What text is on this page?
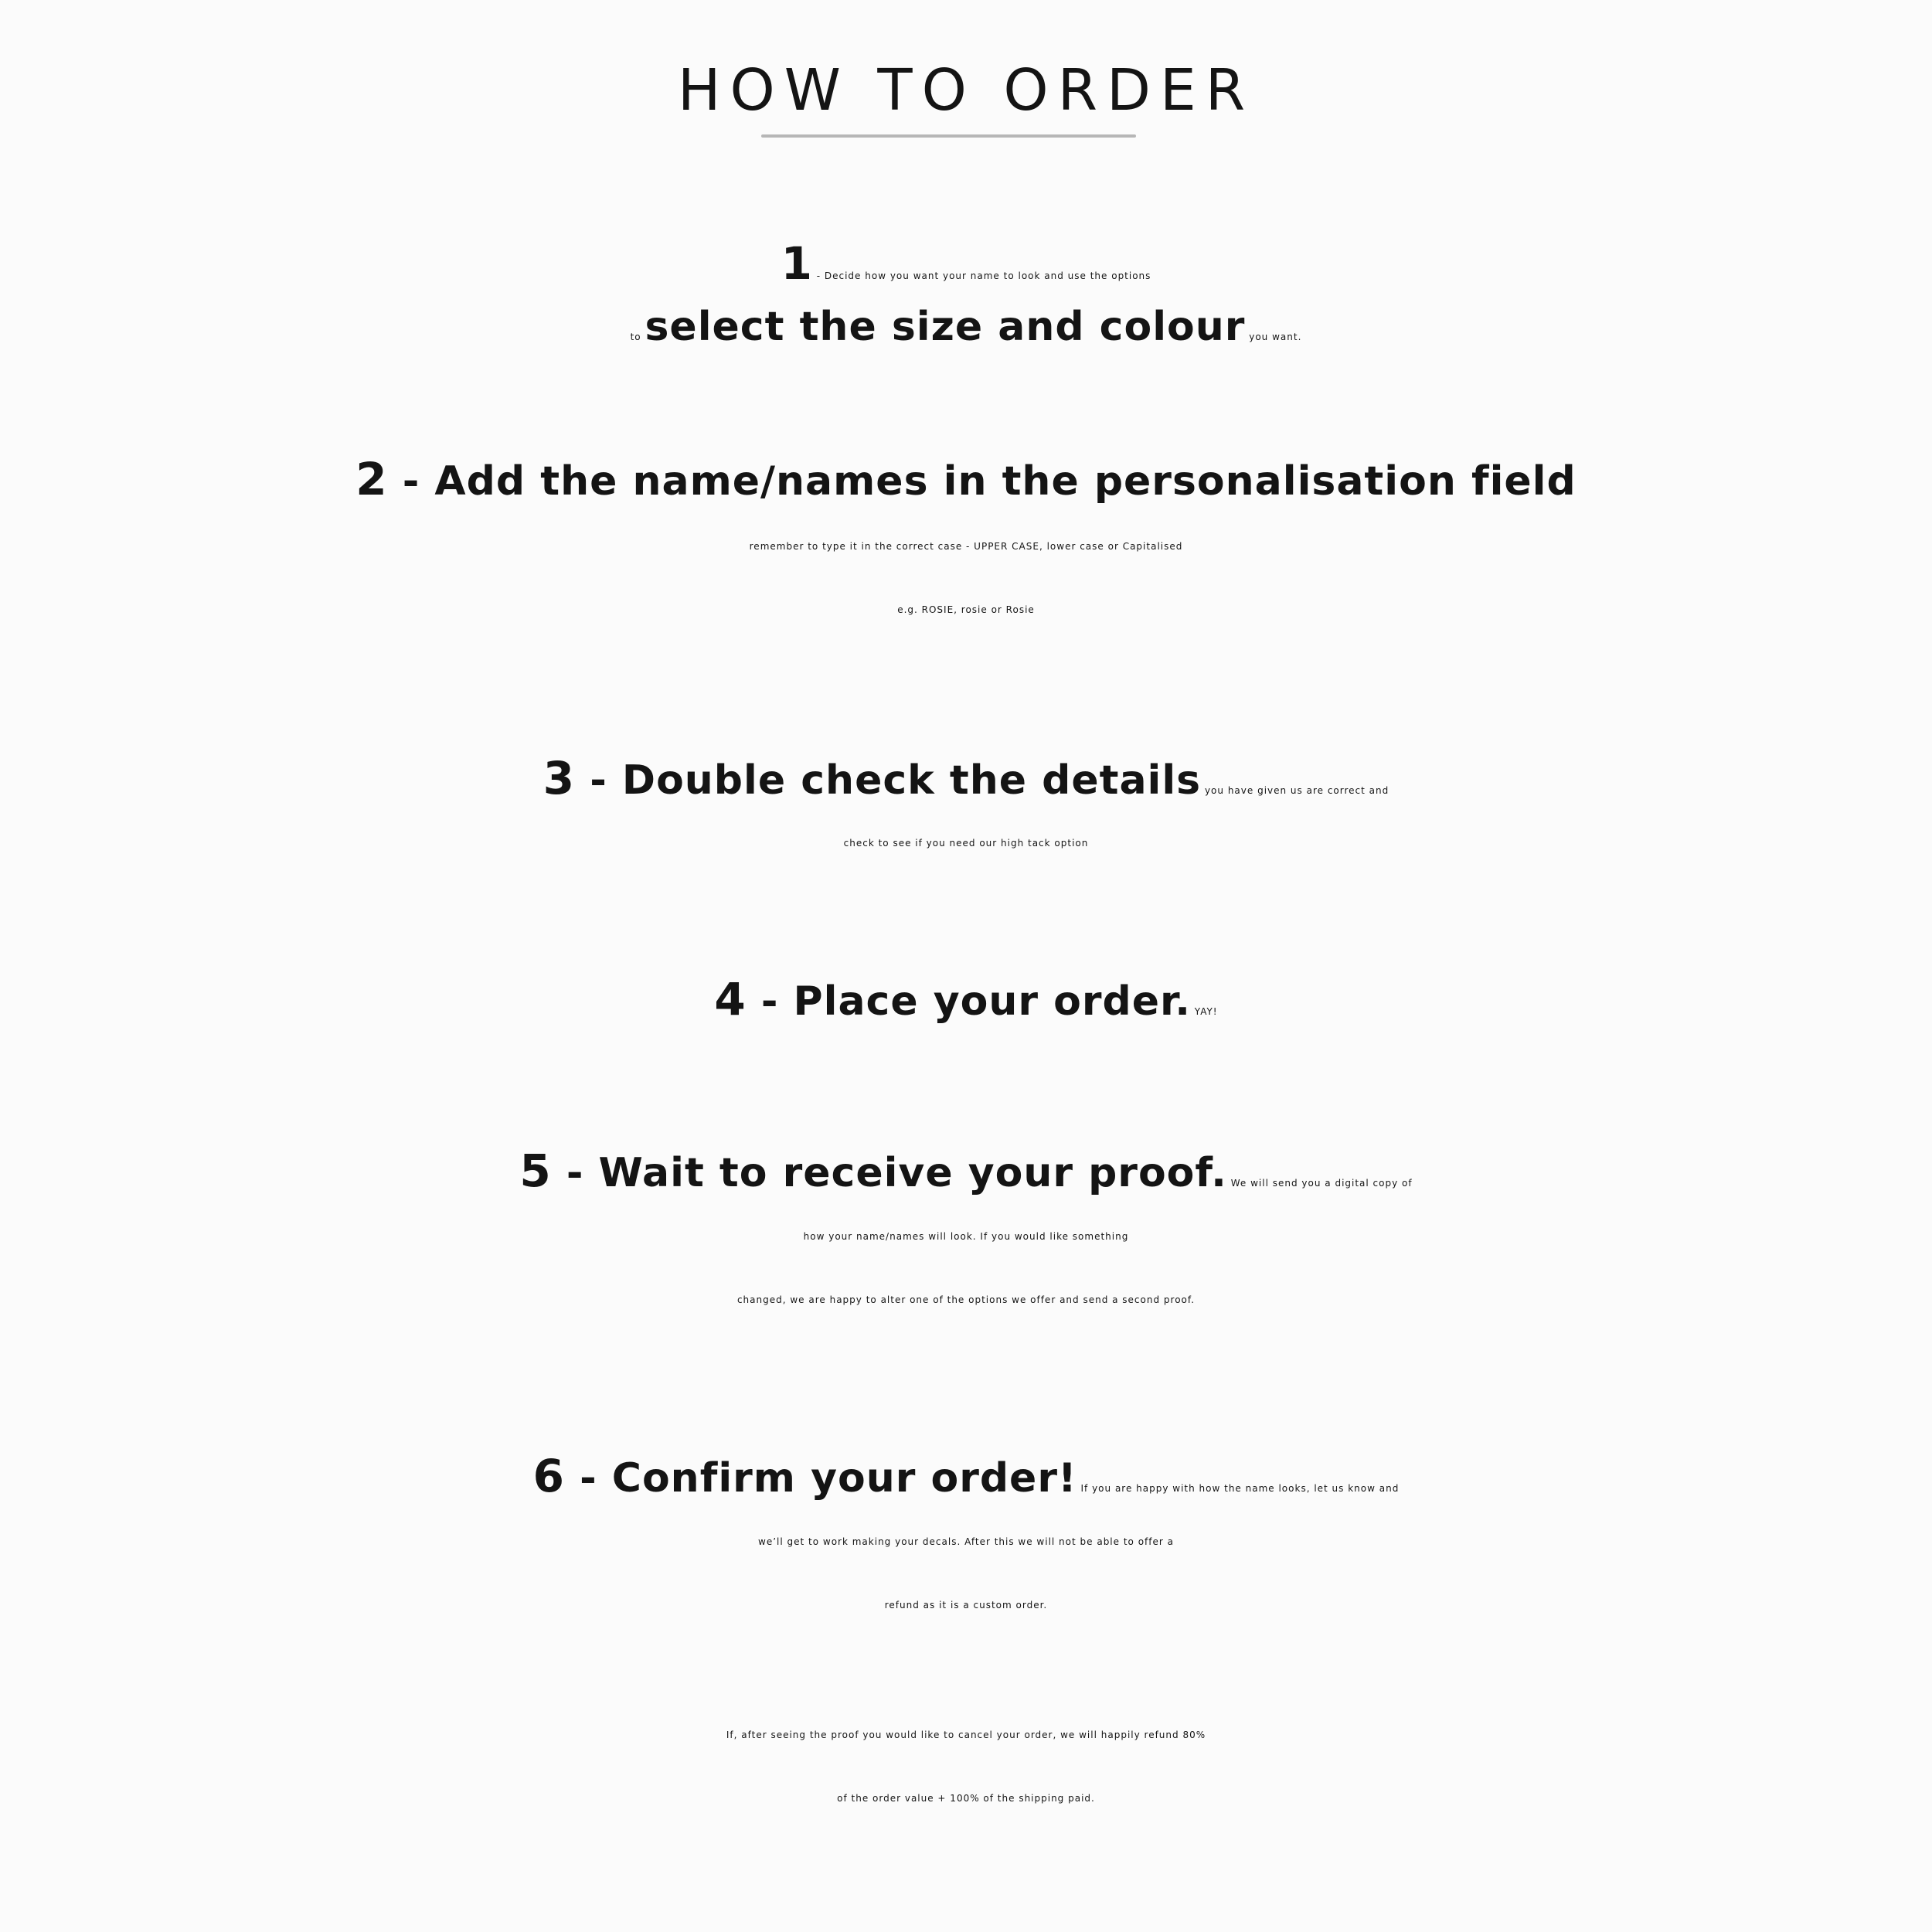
HOW TO ORDER
1 - Decide how you want your name to look and use the options
to select the size and colour you want.
2 - Add the name/names in the personalisation field
remember to type it in the correct case - UPPER CASE, lower case or Capitalised
e.g. ROSIE, rosie or Rosie
3 - Double check the details you have given us are correct and
check to see if you need our high tack option
4 - Place your order. YAY!
5 - Wait to receive your proof. We will send you a digital copy of
how your name/names will look. If you would like something
changed, we are happy to alter one of the options we offer and send a second proof.
6 - Confirm your order! If you are happy with how the name looks, let us know and
we’ll get to work making your decals. After this we will not be able to offer a
refund as it is a custom order.
If, after seeing the proof you would like to cancel your order, we will happily refund 80%
of the order value + 100% of the shipping paid.
